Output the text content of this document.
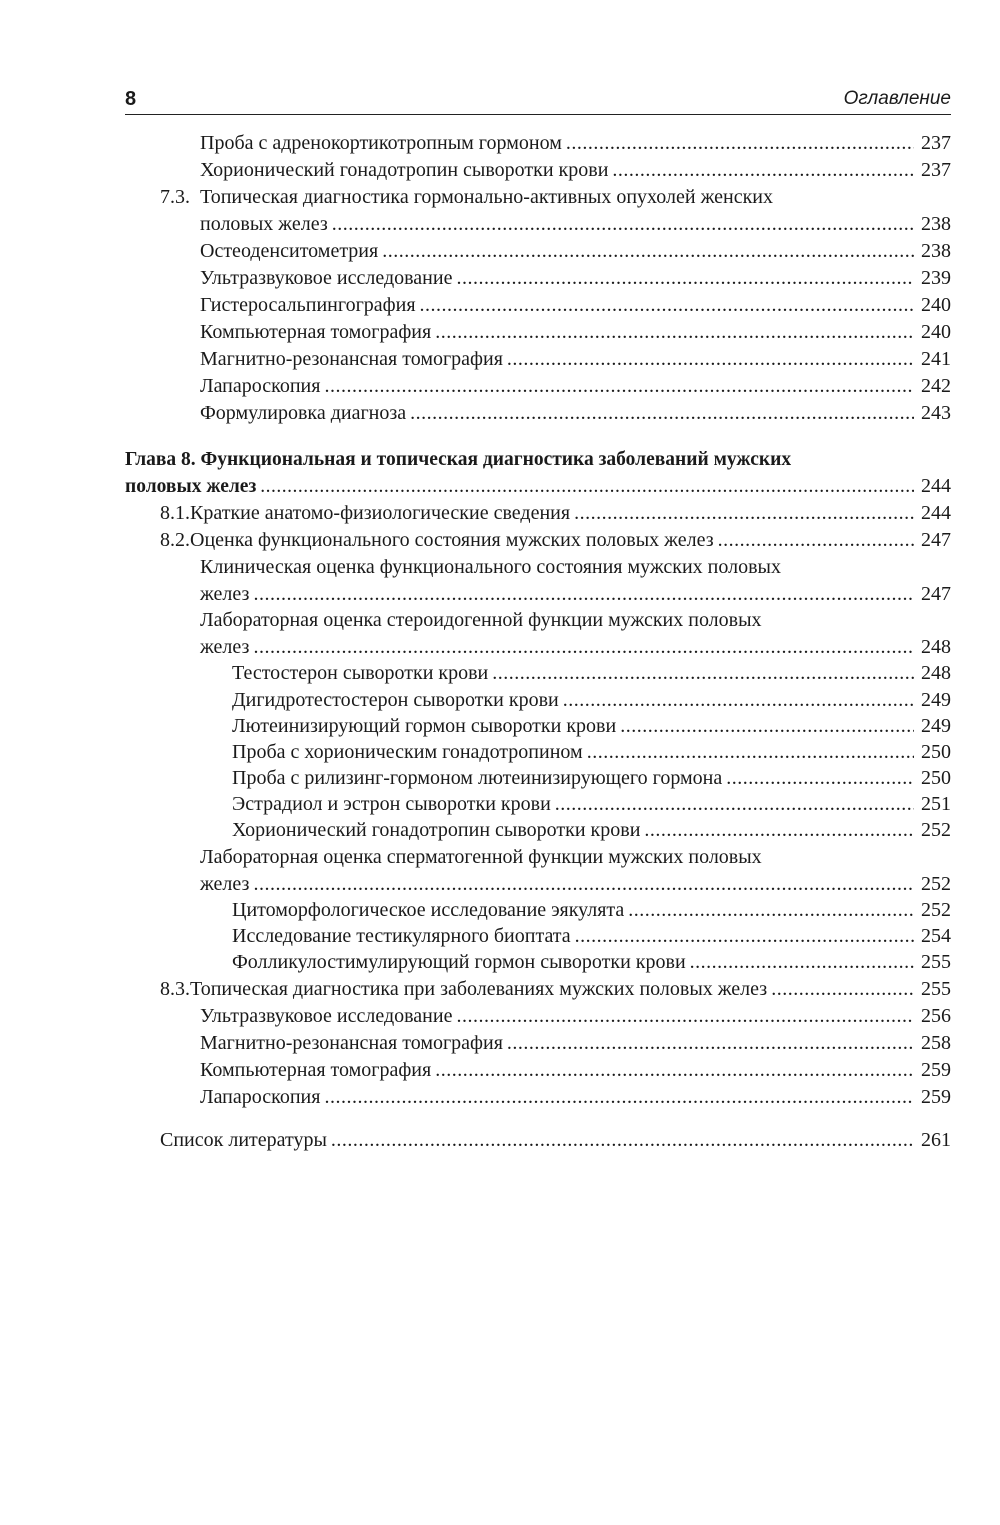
8	Оглавление
Проба с адренокортикотропным гормоном .....	237
Хорионический гонадотропин сыворотки крови .....	237
7.3. Топическая диагностика гормонально-активных опухолей женских
половых желез .....	238
Остеоденситометрия .....	238
Ультразвуковое исследование .....	239
Гистеросальпингография .....	240
Компьютерная томография .....	240
Магнитно-резонансная томография .....	241
Лапароскопия .....	242
Формулировка диагноза .....	243
Глава 8. Функциональная и топическая диагностика заболеваний мужских
половых желез .....	244
8.1. Краткие анатомо-физиологические сведения .....	244
8.2. Оценка функционального состояния мужских половых желез .....	247
Клиническая оценка функционального состояния мужских половых
желез .....	247
Лабораторная оценка стероидогенной функции мужских половых
желез .....	248
Тестостерон сыворотки крови .....	248
Дигидротестостерон сыворотки крови .....	249
Лютеинизирующий гормон сыворотки крови .....	249
Проба с хорионическим гонадотропином .....	250
Проба с рилизинг-гормоном лютеинизирующего гормона .....	250
Эстрадиол и эстрон сыворотки крови .....	251
Хорионический гонадотропин сыворотки крови .....	252
Лабораторная оценка сперматогенной функции мужских половых
желез .....	252
Цитоморфологическое исследование эякулята .....	252
Исследование тестикулярного биоптата .....	254
Фолликулостимулирующий гормон сыворотки крови .....	255
8.3. Топическая диагностика при заболеваниях мужских половых желез .....	255
Ультразвуковое исследование .....	256
Магнитно-резонансная томография .....	258
Компьютерная томография .....	259
Лапароскопия .....	259
Список литературы .....	261
